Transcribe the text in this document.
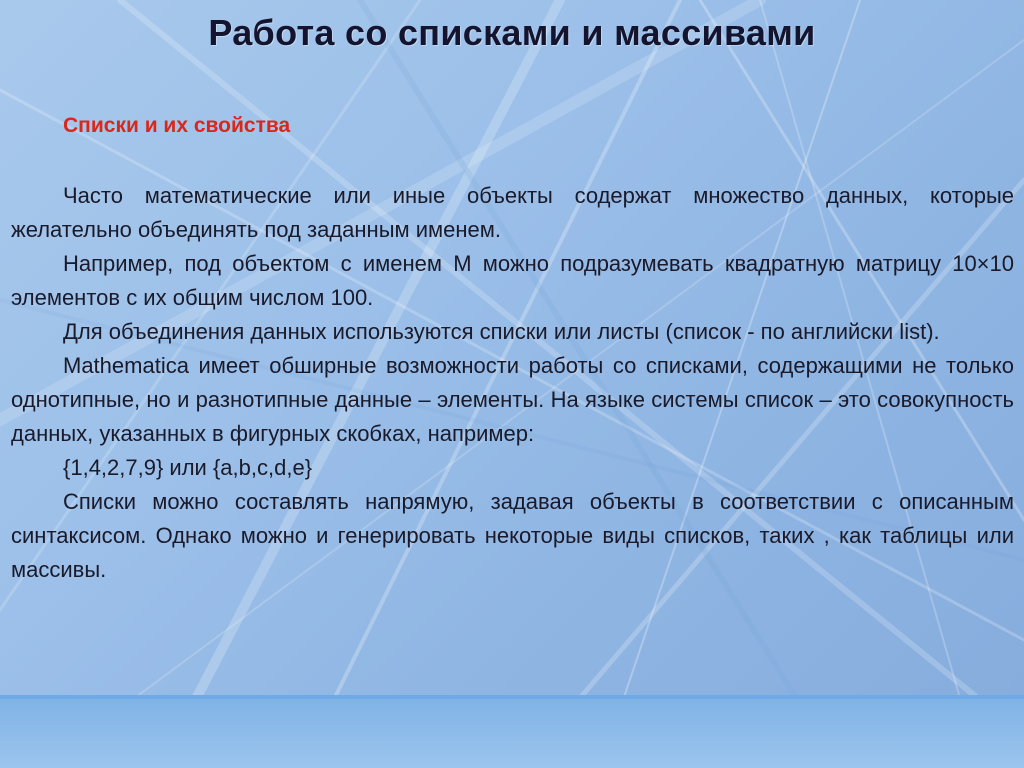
Работа со списками и массивами
Списки и их свойства

Часто математические или иные объекты содержат множество данных, которые желательно объединять под заданным именем.

Например, под объектом с именем M можно подразумевать квадратную матрицу 10×10 элементов с их общим числом 100.

Для объединения данных используются списки или листы (список - по английски list).

Mathematica имеет обширные возможности работы со списками, содержащими не только однотипные, но и разнотипные данные – элементы. На языке системы список – это совокупность данных, указанных в фигурных скобках, например:

{1,4,2,7,9} или {a,b,c,d,e}

Списки можно составлять напрямую, задавая объекты в соответствии с описанным синтаксисом. Однако можно и генерировать некоторые виды списков, таких , как таблицы или массивы.
